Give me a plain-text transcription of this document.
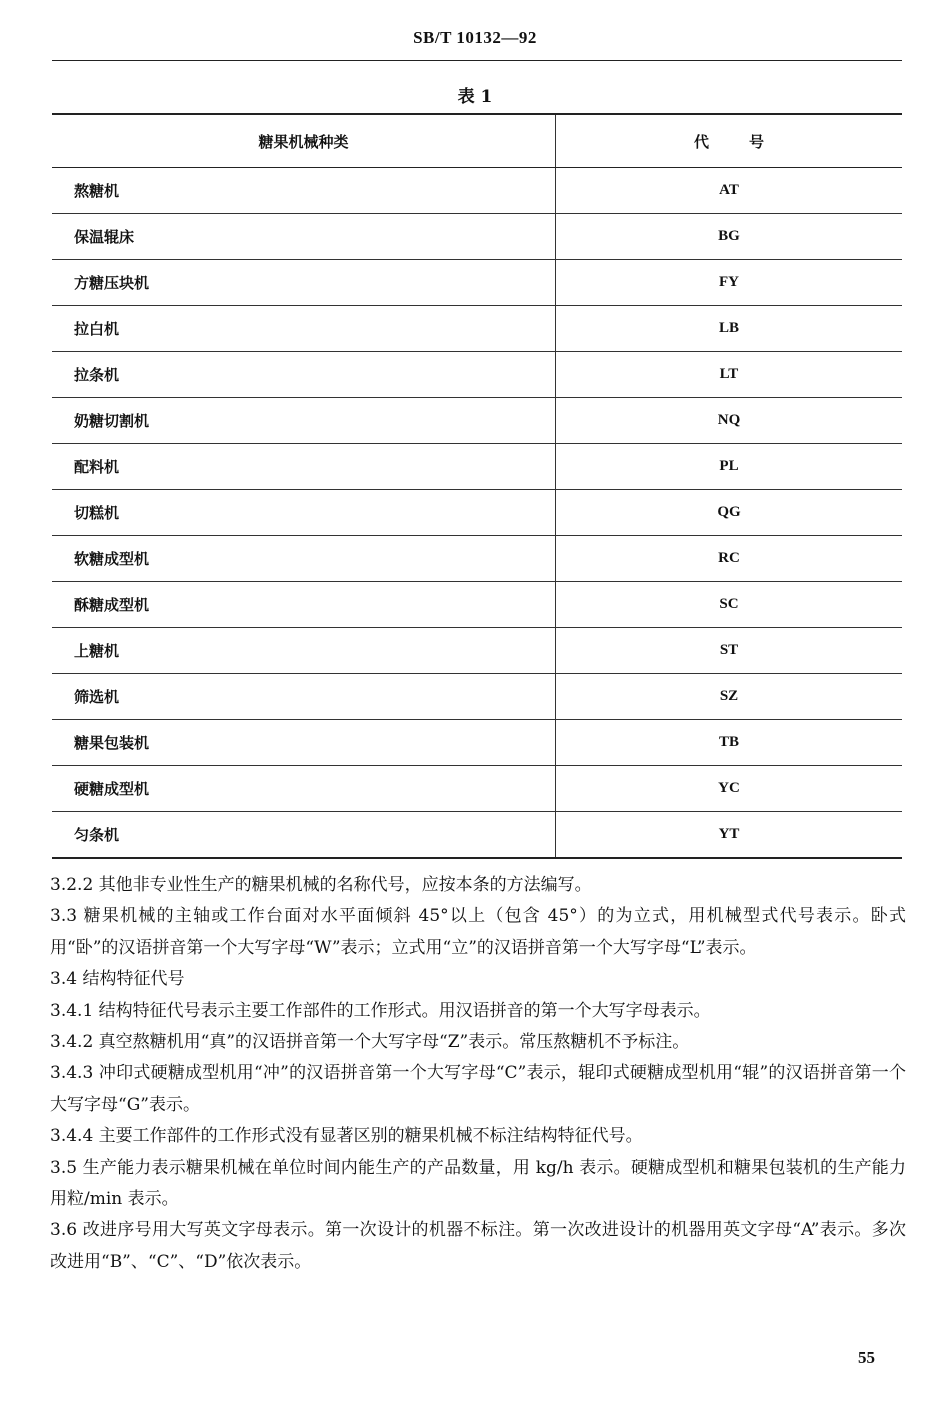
SB/T 10132—92
表 1
糖果机械种类	代号
熬糖机	AT
保温辊床	BG
方糖压块机	FY
拉白机	LB
拉条机	LT
奶糖切割机	NQ
配料机	PL
切糕机	QG
软糖成型机	RC
酥糖成型机	SC
上糖机	ST
筛选机	SZ
糖果包装机	TB
硬糖成型机	YC
匀条机	YT

3.2.2 其他非专业性生产的糖果机械的名称代号，应按本条的方法编写。

3.3 糖果机械的主轴或工作台面对水平面倾斜 45°以上（包含 45°）的为立式，用机械型式代号表示。卧式用“卧”的汉语拼音第一个大写字母“W”表示；立式用“立”的汉语拼音第一个大写字母“L”表示。

3.4 结构特征代号

3.4.1 结构特征代号表示主要工作部件的工作形式。用汉语拼音的第一个大写字母表示。

3.4.2 真空熬糖机用“真”的汉语拼音第一个大写字母“Z”表示。常压熬糖机不予标注。

3.4.3 冲印式硬糖成型机用“冲”的汉语拼音第一个大写字母“C”表示，辊印式硬糖成型机用“辊”的汉语拼音第一个大写字母“G”表示。

3.4.4 主要工作部件的工作形式没有显著区别的糖果机械不标注结构特征代号。

3.5 生产能力表示糖果机械在单位时间内能生产的产品数量，用 kg/h 表示。硬糖成型机和糖果包装机的生产能力用粒/min 表示。

3.6 改进序号用大写英文字母表示。第一次设计的机器不标注。第一次改进设计的机器用英文字母“A”表示。多次改进用“B”、“C”、“D”依次表示。

55
